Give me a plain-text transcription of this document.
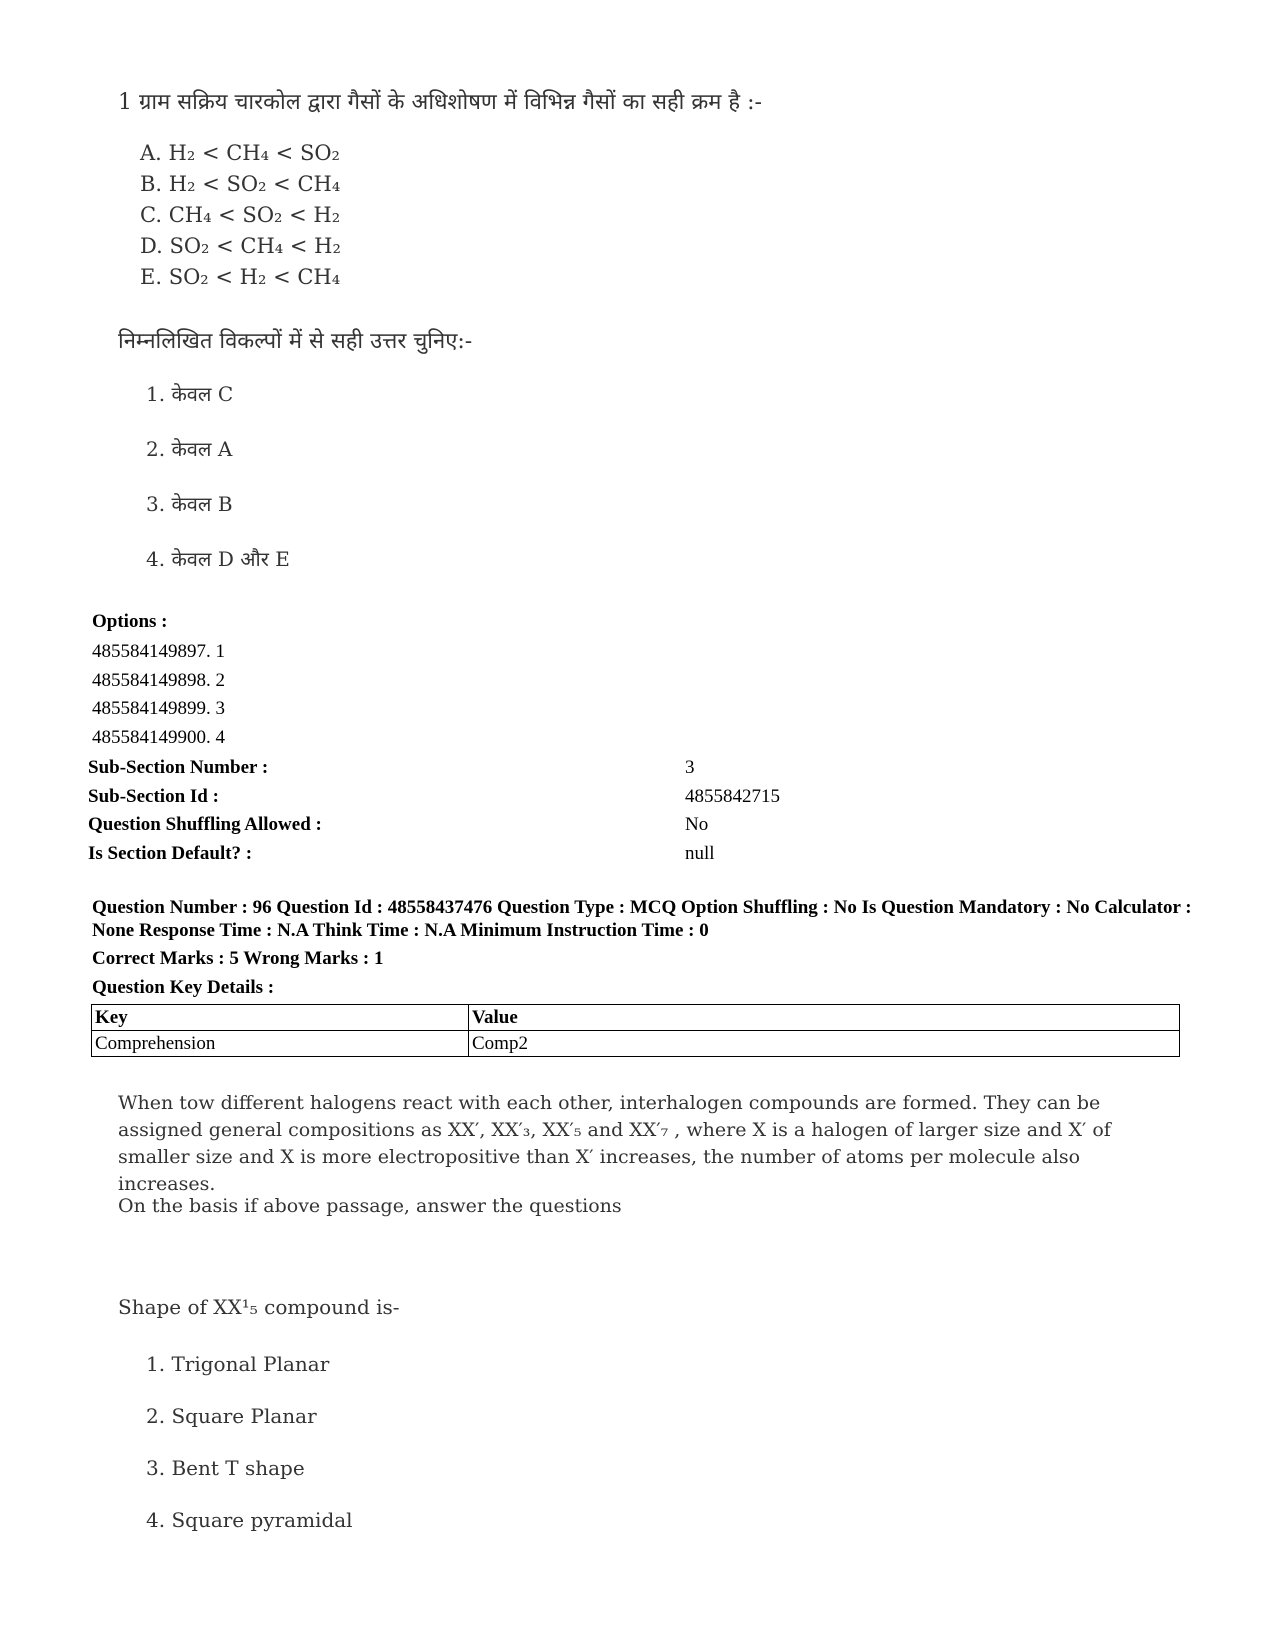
1 ग्राम सक्रिय चारकोल द्वारा गैसों के अधिशोषण में विभिन्न गैसों का सही क्रम है :-
A. H₂ < CH₄ < SO₂
B. H₂ < SO₂ < CH₄
C. CH₄ < SO₂ < H₂
D. SO₂ < CH₄ < H₂
E. SO₂ < H₂ < CH₄
निम्नलिखित विकल्पों में से सही उत्तर चुनिए:-
1. केवल C
2. केवल A
3. केवल B
4. केवल D और E
Options :
485584149897. 1
485584149898. 2
485584149899. 3
485584149900. 4
Sub-Section Number :	3
Sub-Section Id :	4855842715
Question Shuffling Allowed :	No
Is Section Default? :	null
Question Number : 96 Question Id : 48558437476 Question Type : MCQ Option Shuffling : No Is Question Mandatory : No Calculator : None Response Time : N.A Think Time : N.A Minimum Instruction Time : 0
Correct Marks : 5 Wrong Marks : 1
Question Key Details :
Key	Value
Comprehension	Comp2
When tow different halogens react with each other, interhalogen compounds are formed. They can be assigned general compositions as XX′, XX′₃, XX′₅ and XX′₇ , where X is a halogen of larger size and X′ of smaller size and X is more electropositive than X′ increases, the number of atoms per molecule also increases.
On the basis if above passage, answer the questions
Shape of XX¹₅ compound is-
1. Trigonal Planar
2. Square Planar
3. Bent T shape
4. Square pyramidal
